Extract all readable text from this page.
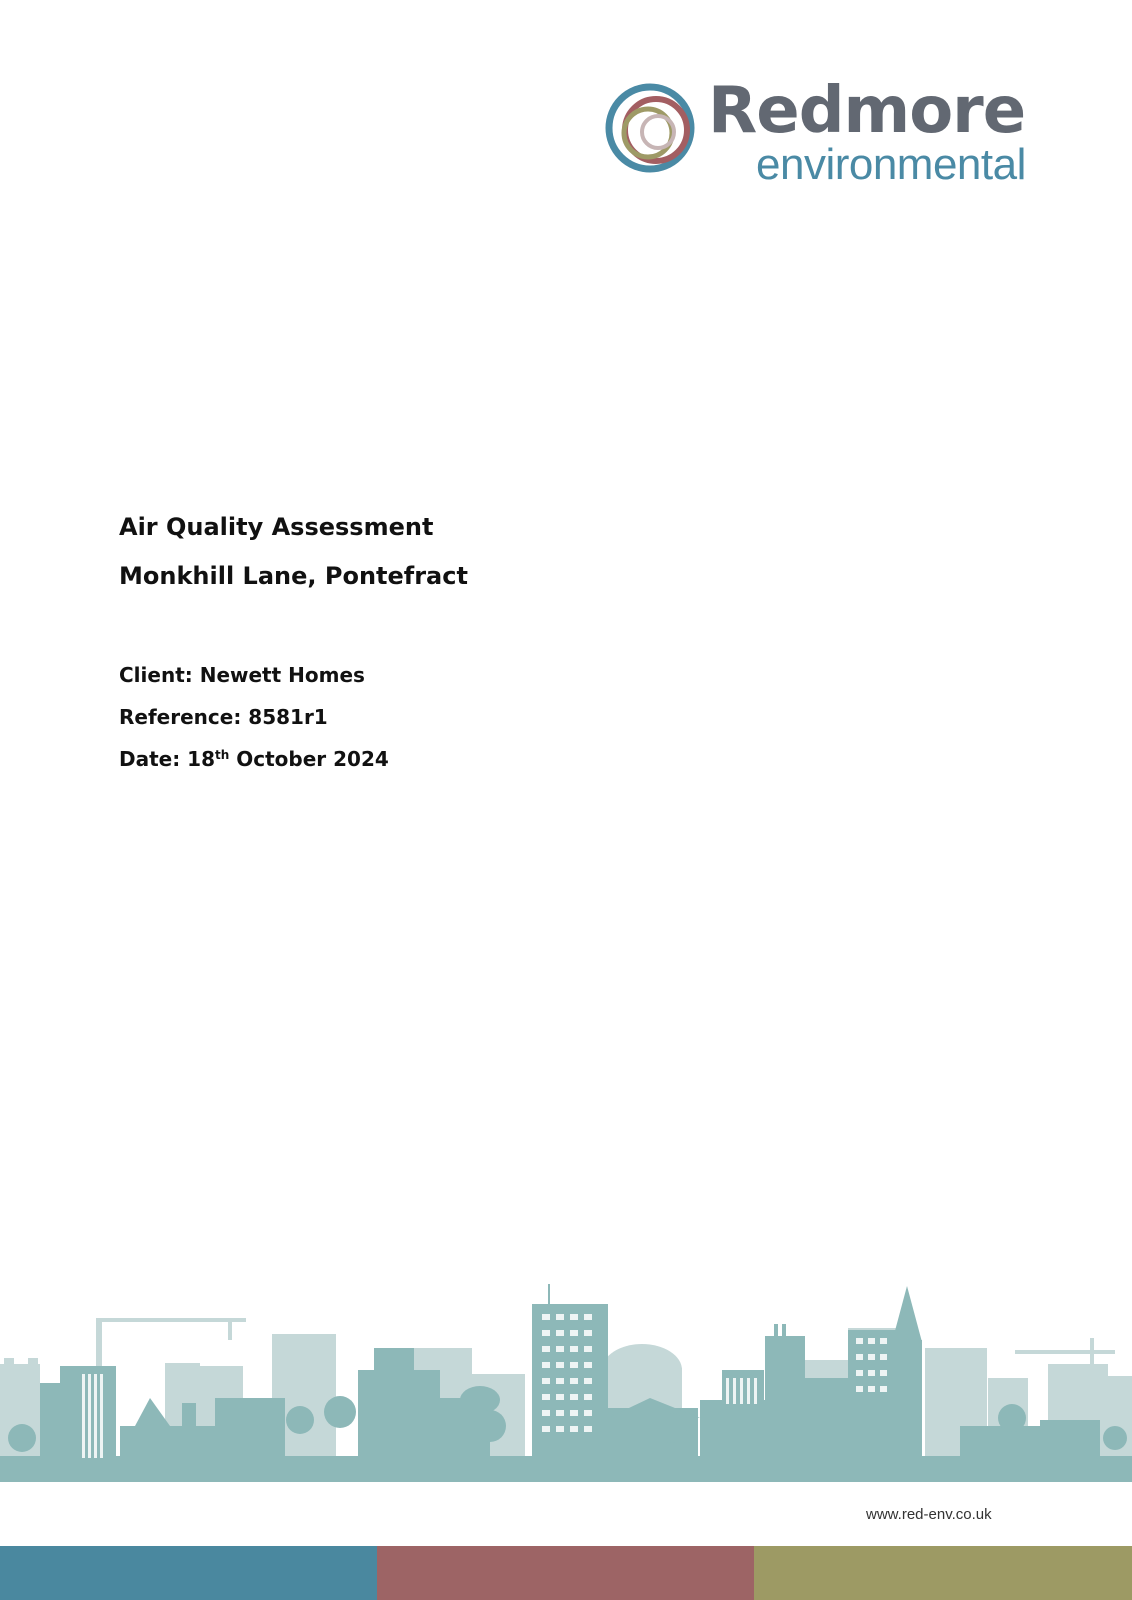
Redmore
environmental
Air Quality Assessment
Monkhill Lane, Pontefract
Client: Newett Homes
Reference: 8581r1
Date: 18th October 2024
www.red-env.co.uk
